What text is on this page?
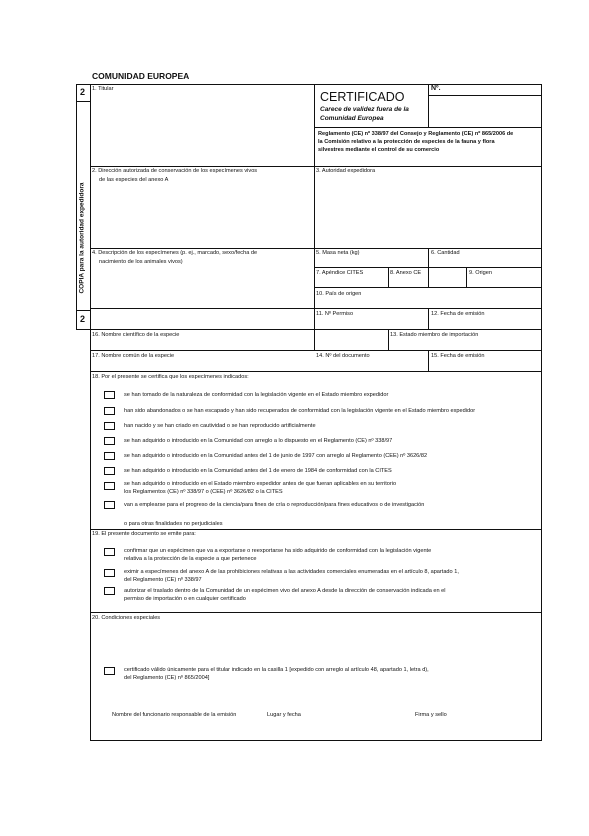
COMUNIDAD EUROPEA
2
2
COPIA para la autoridad expedidora
CERTIFICADO
Nº.
Carece de validez fuera de la
Comunidad Europea
Reglamento (CE) nº 338/97 del Consejo y Reglamento (CE) nº 865/2006 de
la Comisión relativo a la protección de especies de la fauna y flora
silvestres mediante el control de su comercio
1. Titular
2. Dirección autorizada de conservación de los especímenes vivos
de las especies del anexo A
3. Autoridad expedidora
4. Descripción de los especímenes (p. ej., marcado, sexo/fecha de
nacimiento de los animales vivos)
5. Masa neta (kg)	6. Cantidad
7. Apéndice CITES	8. Anexo CE	9. Origen
10. País de origen
11. Nº Permiso	12. Fecha de emisión
16. Nombre científico de la especie	13. Estado miembro de importación
17. Nombre común de la especie	14. Nº del documento	15. Fecha de emisión
18. Por el presente se certifica que los especímenes indicados:
se han tomado de la naturaleza de conformidad con la legislación vigente en el Estado miembro expedidor
han sido abandonados o se han escapado y han sido recuperados de conformidad con la legislación vigente en el Estado miembro expedidor
han nacido y se han criado en cautividad o se han reproducido artificialmente
se han adquirido o introducido en la Comunidad con arreglo a lo dispuesto en el Reglamento (CE) nº 338/97
se han adquirido o introducido en la Comunidad antes del 1 de junio de 1997 con arreglo al Reglamento (CEE) nº 3626/82
se han adquirido o introducido en la Comunidad antes del 1 de enero de 1984 de conformidad con la CITES
se han adquirido o introducido en el Estado miembro expedidor antes de que fueran aplicables en su territorio
los Reglamentos (CE) nº 338/97 o (CEE) nº 3626/82 o la CITES
van a emplearse para el progreso de la ciencia/para fines de cría o reproducción/para fines educativos o de investigación
o para otras finalidades no perjudiciales
19. El presente documento se emite para:
confirmar que un espécimen que va a exportarse o reexportarse ha sido adquirido de conformidad con la legislación vigente
relativa a la protección de la especie a que pertenece
eximir a especímenes del anexo A de las prohibiciones relativas a las actividades comerciales enumeradas en el artículo 8, apartado 1,
del Reglamento (CE) nº 338/97
autorizar el traslado dentro de la Comunidad de un espécimen vivo del anexo A desde la dirección de conservación indicada en el
permiso de importación o en cualquier certificado
20. Condiciones especiales
certificado válido únicamente para el titular indicado en la casilla 1 [expedido con arreglo al artículo 48, apartado 1, letra d),
del Reglamento (CE) nº 865/2004]
Nombre del funcionario responsable de la emisión	Lugar y fecha	Firma y sello
